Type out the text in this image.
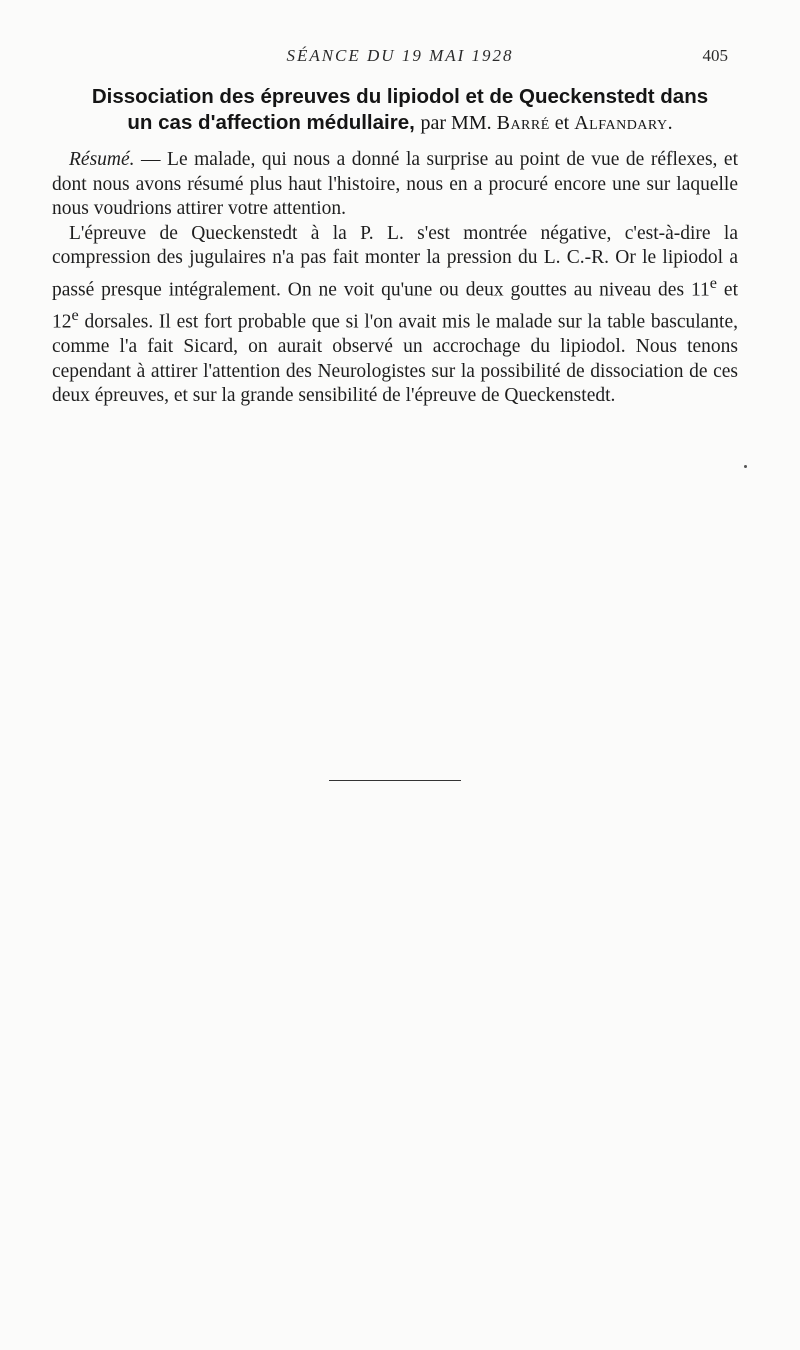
SÉANCE DU 19 MAI 1928	405
Dissociation des épreuves du lipiodol et de Queckenstedt dans
un cas d'affection médullaire, par MM. Barré et Alfandary.

Résumé. — Le malade, qui nous a donné la surprise au point de vue de réflexes, et dont nous avons résumé plus haut l'histoire, nous en a procuré encore une sur laquelle nous voudrions attirer votre attention.

L'épreuve de Queckenstedt à la P. L. s'est montrée négative, c'est-à-dire la compression des jugulaires n'a pas fait monter la pression du L. C.-R. Or le lipiodol a passé presque intégralement. On ne voit qu'une ou deux gouttes au niveau des 11e et 12e dorsales. Il est fort probable que si l'on avait mis le malade sur la table basculante, comme l'a fait Sicard, on aurait observé un accrochage du lipiodol. Nous tenons cependant à attirer l'attention des Neurologistes sur la possibilité de dissociation de ces deux épreuves, et sur la grande sensibilité de l'épreuve de Queckenstedt.
